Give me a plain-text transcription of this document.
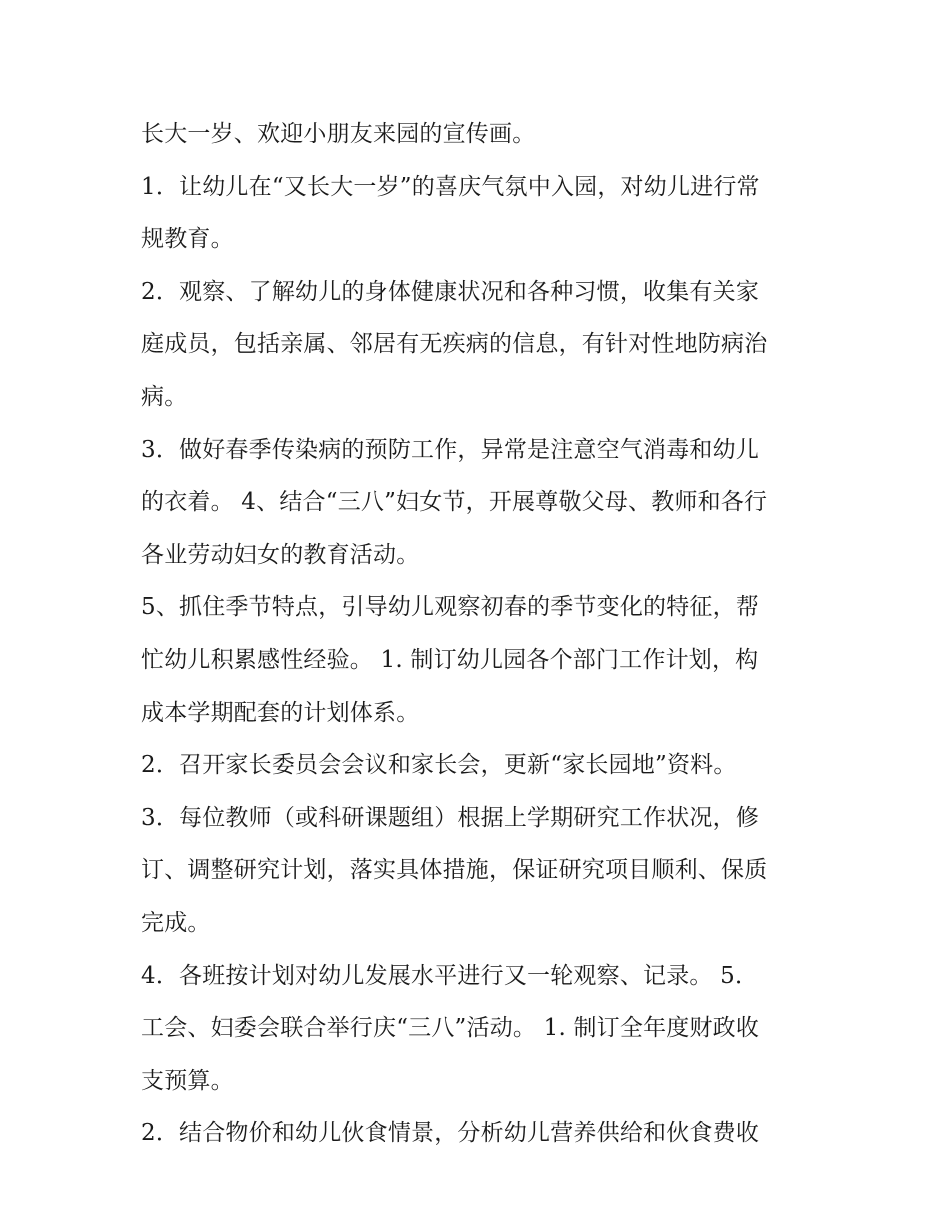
长大一岁、欢迎小朋友来园的宣传画。
1．让幼儿在“又长大一岁”的喜庆气氛中入园，对幼儿进行常
规教育。
2．观察、了解幼儿的身体健康状况和各种习惯，收集有关家
庭成员，包括亲属、邻居有无疾病的信息，有针对性地防病治
病。
3．做好春季传染病的预防工作，异常是注意空气消毒和幼儿
的衣着。 4、结合“三八”妇女节，开展尊敬父母、教师和各行
各业劳动妇女的教育活动。
5、抓住季节特点，引导幼儿观察初春的季节变化的特征，帮
忙幼儿积累感性经验。 1. 制订幼儿园各个部门工作计划，构
成本学期配套的计划体系。
2．召开家长委员会会议和家长会，更新“家长园地”资料。
3．每位教师（或科研课题组）根据上学期研究工作状况，修
订、调整研究计划，落实具体措施，保证研究项目顺利、保质
完成。
4．各班按计划对幼儿发展水平进行又一轮观察、记录。 5．
工会、妇委会联合举行庆“三八”活动。 1. 制订全年度财政收
支预算。
2．结合物价和幼儿伙食情景，分析幼儿营养供给和伙食费收
